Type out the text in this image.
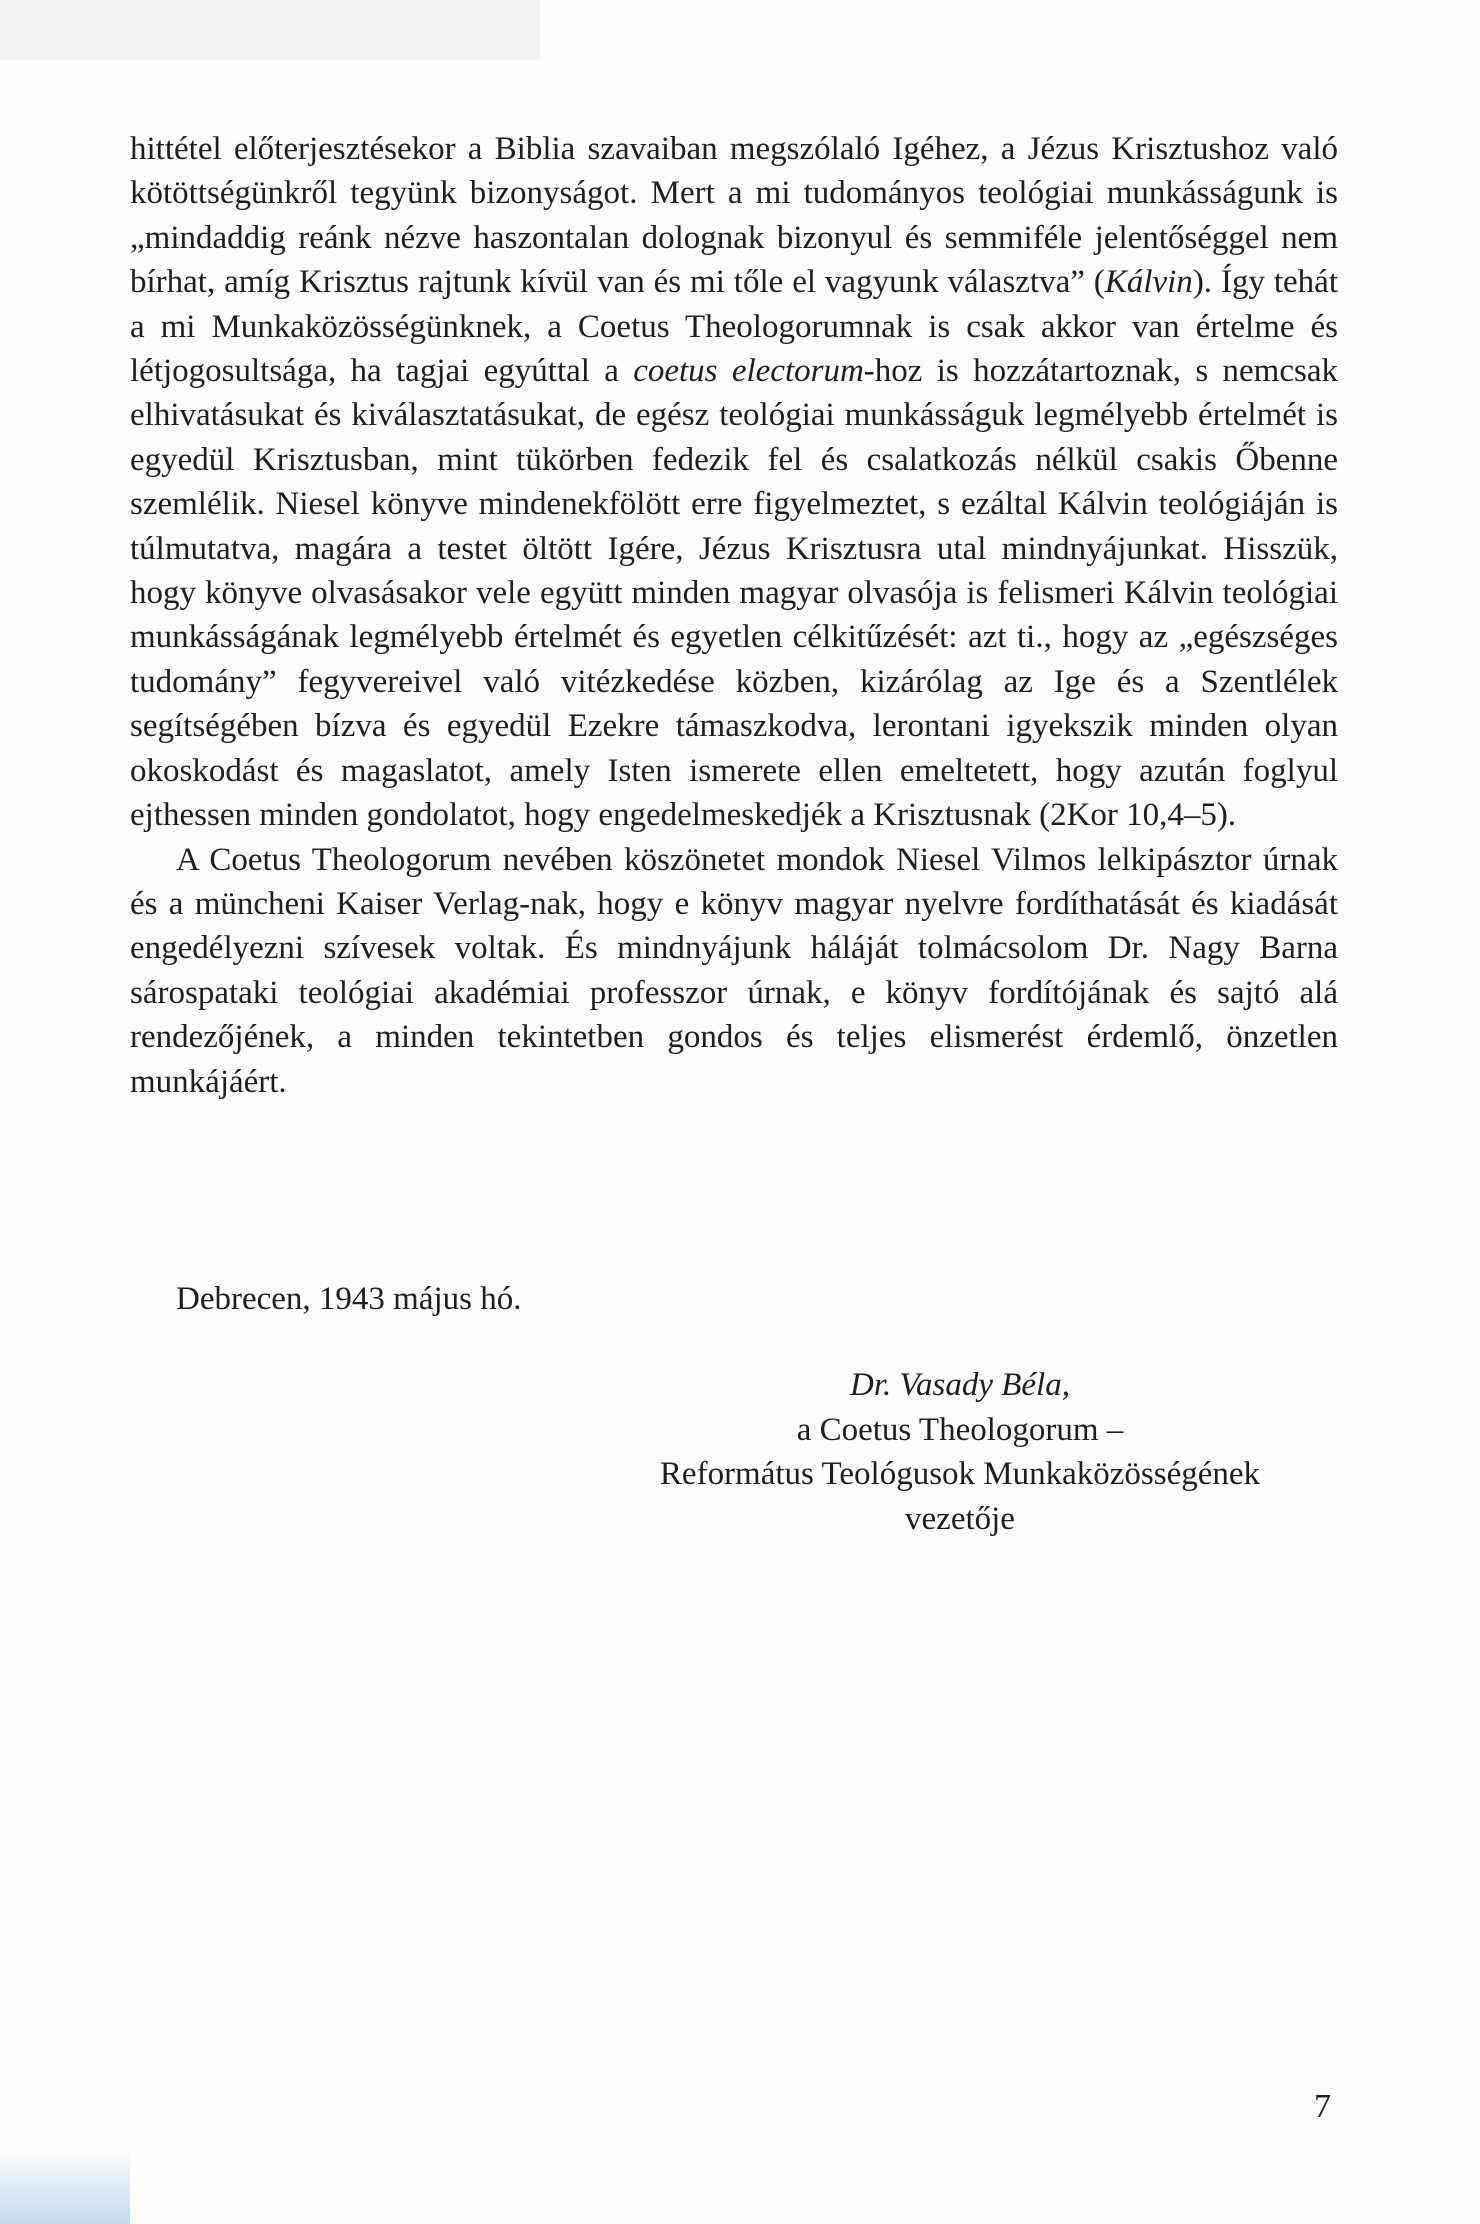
hittétel előterjesztésekor a Biblia szavaiban megszólaló Igéhez, a Jézus Krisztushoz való kötöttségünkről tegyünk bizonyságot. Mert a mi tudományos teológiai munkásságunk is „mindaddig reánk nézve haszontalan dolognak bizonyul és semmiféle jelentőséggel nem bírhat, amíg Krisztus rajtunk kívül van és mi tőle el vagyunk választva” (Kálvin). Így tehát a mi Munkaközösségünknek, a Coetus Theologorumnak is csak akkor van értelme és létjogosultsága, ha tagjai egyúttal a coetus electorum-hoz is hozzátartoznak, s nemcsak elhivatásukat és kiválasztatásukat, de egész teológiai munkásságuk legmélyebb értelmét is egyedül Krisztusban, mint tükörben fedezik fel és csalatkozás nélkül csakis Őbenne szemlélik. Niesel könyve mindenekfölött erre figyelmeztet, s ezáltal Kálvin teológiáján is túlmutatva, magára a testet öltött Igére, Jézus Krisztusra utal mindnyájunkat. Hisszük, hogy könyve olvasásakor vele együtt minden magyar olvasója is felismeri Kálvin teológiai munkásságának legmélyebb értelmét és egyetlen célkitűzését: azt ti., hogy az „egészséges tudomány” fegyvereivel való vitézkedése közben, kizárólag az Ige és a Szentlélek segítségében bízva és egyedül Ezekre támaszkodva, lerontani igyekszik minden olyan okoskodást és magaslatot, amely Isten ismerete ellen emeltetett, hogy azután foglyul ejthessen minden gondolatot, hogy engedelmeskedjék a Krisztusnak (2Kor 10,4–5).

A Coetus Theologorum nevében köszönetet mondok Niesel Vilmos lelkipásztor úrnak és a müncheni Kaiser Verlag-nak, hogy e könyv magyar nyelvre fordíthatását és kiadását engedélyezni szívesek voltak. És mindnyájunk háláját tolmácsolom Dr. Nagy Barna sárospataki teológiai akadémiai professzor úrnak, e könyv fordítójának és sajtó alá rendezőjének, a minden tekintetben gondos és teljes elismerést érdemlő, önzetlen munkájáért.

Debrecen, 1943 május hó.
Dr. Vasady Béla,
a Coetus Theologorum –
Református Teológusok Munkaközösségének
vezetője
7
